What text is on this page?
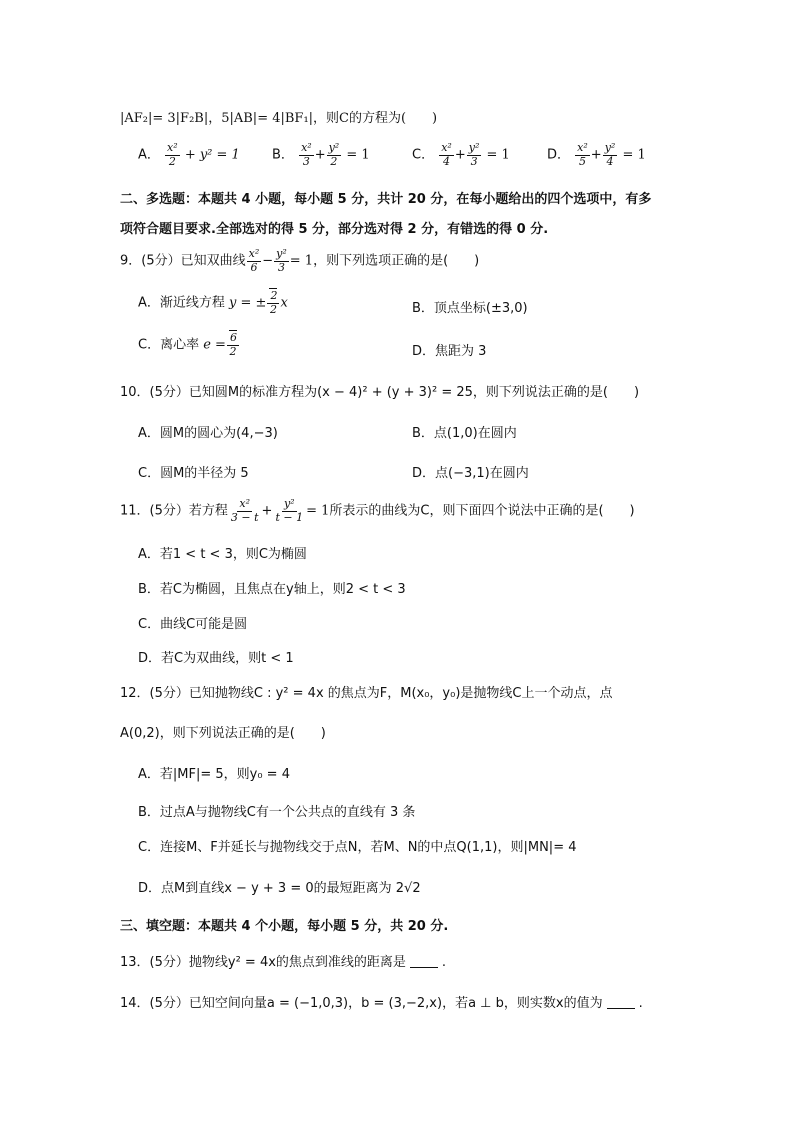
|AF₂|= 3|F₂B|，5|AB|= 4|BF₁|，则C的方程为(　　)
A． $\frac{\text{x²}}{2} + y^2 = 1$ B． $\frac{\text{x²}}{3} + \frac{\text{y²}}{2} = 1$	C． $\frac{\text{x²}}{4} + \frac{\text{y²}}{3} = 1$	D． $\frac{\text{x²}}{5} + \frac{\text{y²}}{4} = 1$
二、多选题：本题共 4 小题，每小题 5 分，共计 20 分，在每小题给出的四个选项中，有多
项符合题目要求.全部选对的得 5 分，部分选对得 2 分，有错选的得 0 分.
9．(5分）已知双曲线 $\frac{\text{x²}}{6} - \frac{\text{y²}}{3} = 1$，则下列选项正确的是(　　)
A．渐近线方程 y = ± $\frac{2}{2}$ x	B．顶点坐标(±3,0)
C．离心率 $e = \frac{6}{2}$	D．焦距为 3
10．(5分）已知圆M的标准方程为(x − 4)² + (y + 3)² = 25，则下列说法正确的是(　　)
A．圆M的圆心为(4,−3)	B．点(1,0)在圆内
C．圆M的半径为 5	D．点(−3,1)在圆内
11．(5分）若方程 $\frac{\text{x²}}{3 - t} + \frac{\text{y²}}{t - 1} = 1$所表示的曲线为C，则下面四个说法中正确的是(　　)
A．若1 < t < 3，则C为椭圆
B．若C为椭圆，且焦点在y轴上，则2 < t < 3
C．曲线C可能是圆
D．若C为双曲线，则t < 1
12．(5分）已知抛物线C : y² = 4x 的焦点为F，M(x₀，y₀)是抛物线C上一个动点，点
A(0,2)，则下列说法正确的是(　　)
A．若|MF|= 5，则y₀ = 4
B．过点A与抛物线C有一个公共点的直线有 3 条
C．连接M、F并延长与抛物线交于点N，若M、N的中点Q(1,1)，则|MN|= 4
D．点M到直线x − y + 3 = 0的最短距离为 2√2
三、填空题：本题共 4 个小题，每小题 5 分，共 20 分.
13．(5分）抛物线y² = 4x的焦点到准线的距离是	.
14．(5分）已知空间向量a = (−1,0,3)，b = (3,−2,x)，若a ⊥ b，则实数x的值为	.
